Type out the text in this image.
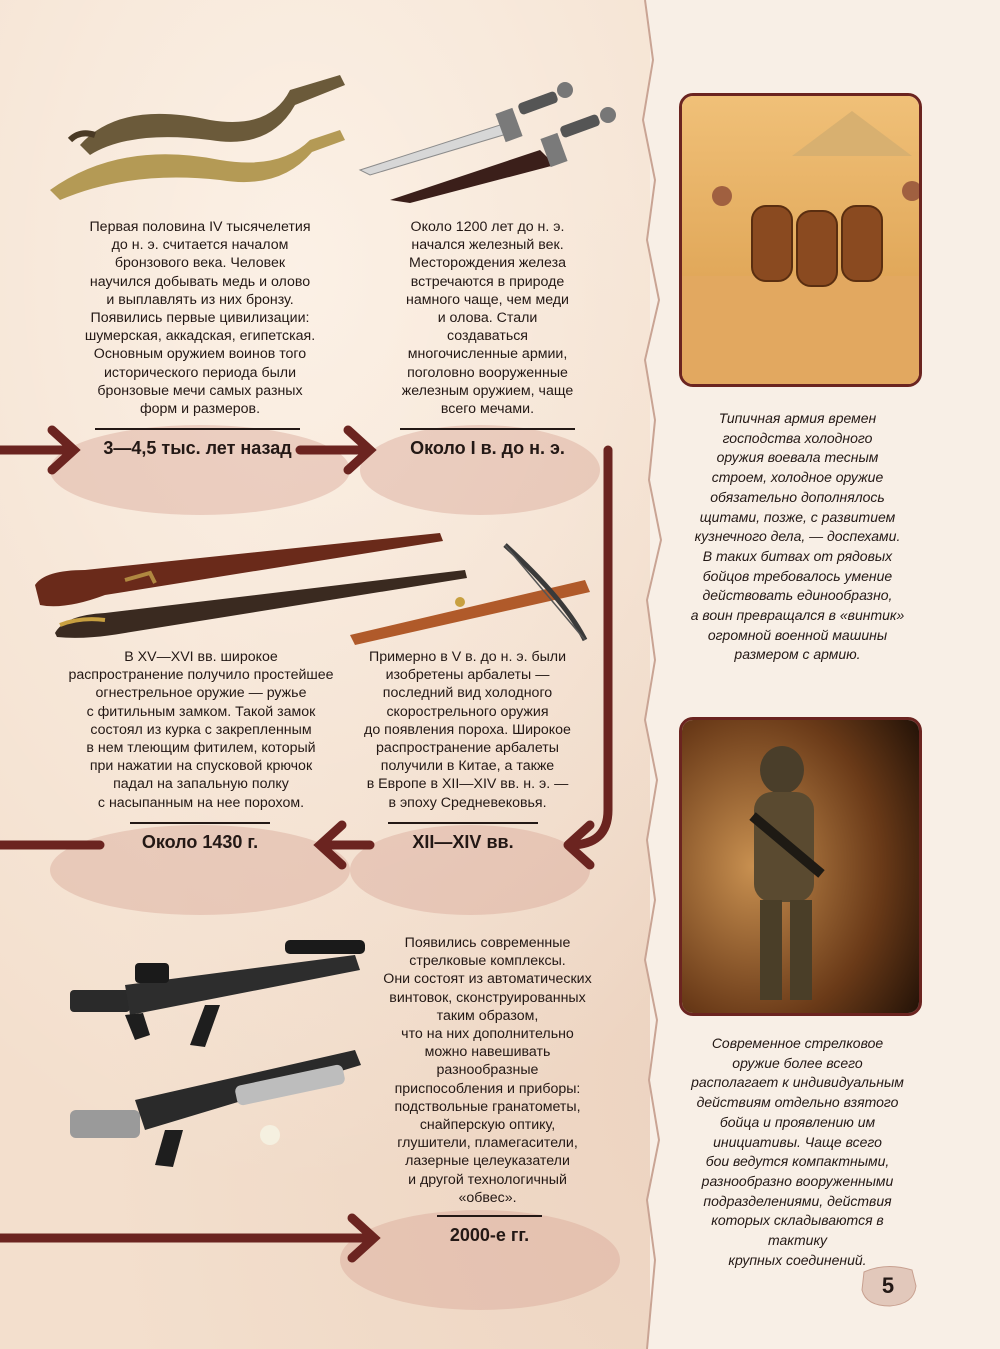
Первая половина IV тысячелетия
до н. э. считается началом
бронзового века. Человек
научился добывать медь и олово
и выплавлять из них бронзу.
Появились первые цивилизации:
шумерская, аккадская, египетская.
Основным оружием воинов того
исторического периода были
бронзовые мечи самых разных
форм и размеров.
3—4,5 тыс. лет назад
Около 1200 лет до н. э.
начался железный век.
Месторождения железа
встречаются в природе
намного чаще, чем меди
и олова. Стали
создаваться
многочисленные армии,
поголовно вооруженные
железным оружием, чаще
всего мечами.
Около I в. до н. э.
В XV—XVI вв. широкое
распространение получило простейшее
огнестрельное оружие — ружье
с фитильным замком. Такой замок
состоял из курка с закрепленным
в нем тлеющим фитилем, который
при нажатии на спусковой крючок
падал на запальную полку
с насыпанным на нее порохом.
Около 1430 г.
Примерно в V в. до н. э. были
изобретены арбалеты —
последний вид холодного
скорострельного оружия
до появления пороха. Широкое
распространение арбалеты
получили в Китае, а также
в Европе в XII—XIV вв. н. э. —
в эпоху Средневековья.
XII—XIV вв.
Появились современные
стрелковые комплексы.
Они состоят из автоматических
винтовок, сконструированных
таким образом,
что на них дополнительно
можно навешивать
разнообразные
приспособления и приборы:
подствольные гранатометы,
снайперскую оптику,
глушители, пламегасители,
лазерные целеуказатели
и другой технологичный
«обвес».
2000-е гг.
Типичная армия времен
господства холодного
оружия воевала тесным
строем, холодное оружие
обязательно дополнялось
щитами, позже, с развитием
кузнечного дела, — доспехами.
В таких битвах от рядовых
бойцов требовалось умение
действовать единообразно,
а воин превращался в «винтик»
огромной военной машины
размером с армию.
Современное стрелковое
оружие более всего
располагает к индивидуальным
действиям отдельно взятого
бойца и проявлению им
инициативы. Чаще всего
бои ведутся компактными,
разнообразно вооруженными
подразделениями, действия
которых складываются в тактику
крупных соединений.
5
